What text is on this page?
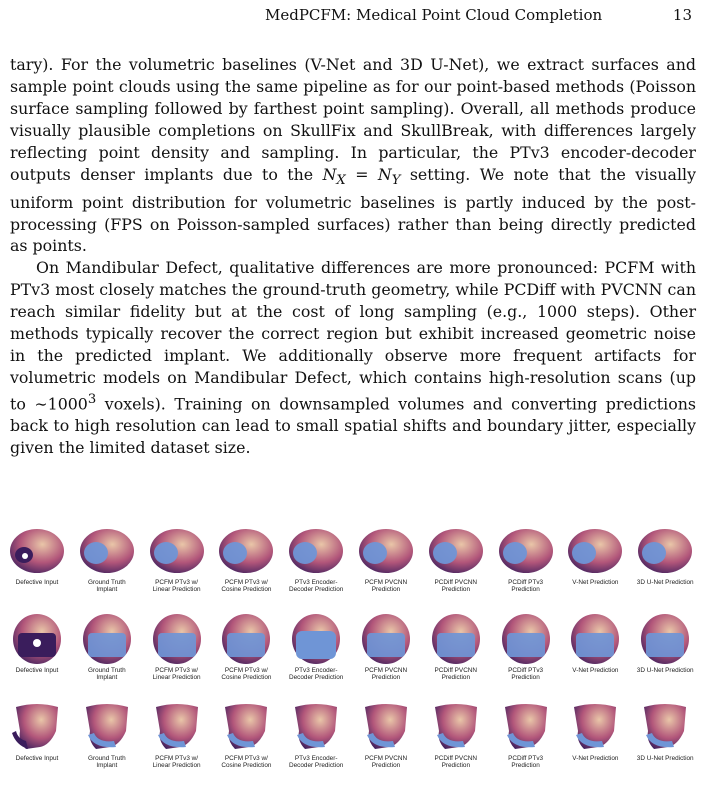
MedPCFM: Medical Point Cloud Completion	13

tary). For the volumetric baselines (V-Net and 3D U-Net), we extract surfaces and sample point clouds using the same pipeline as for our point-based methods (Poisson surface sampling followed by farthest point sampling). Overall, all methods produce visually plausible completions on SkullFix and SkullBreak, with differences largely reflecting point density and sampling. In particular, the PTv3 encoder-decoder outputs denser implants due to the $N_X = N_Y$ setting. We note that the visually uniform point distribution for volumetric baselines is partly induced by the post-processing (FPS on Poisson-sampled surfaces) rather than being directly predicted as points.

On Mandibular Defect, qualitative differences are more pronounced: PCFM with PTv3 most closely matches the ground-truth geometry, while PCDiff with PVCNN can reach similar fidelity but at the cost of long sampling (e.g., 1000 steps). Other methods typically recover the correct region but exhibit increased geometric noise in the predicted implant. We additionally observe more frequent artifacts for volumetric models on Mandibular Defect, which contains high-resolution scans (up to ∼1000$^3$ voxels). Training on downsampled volumes and converting predictions back to high resolution can lead to small spatial shifts and boundary jitter, especially given the limited dataset size.

Defective Input	Ground Truth
Implant
PCFM PTv3 w/
Linear Prediction
PCFM PTv3 w/
Cosine Prediction
PTv3 Encoder-
Decoder Prediction
PCFM PVCNN
Prediction
PCDiff PVCNN
Prediction
PCDiff PTv3
Prediction
V-Net Prediction	3D U-Net Prediction
Defective Input	Ground Truth
Implant
PCFM PTv3 w/
Linear Prediction
PCFM PTv3 w/
Cosine Prediction
PTv3 Encoder-
Decoder Prediction
PCFM PVCNN
Prediction
PCDiff PVCNN
Prediction
PCDiff PTv3
Prediction
V-Net Prediction	3D U-Net Prediction
Defective Input	Ground Truth
Implant
PCFM PTv3 w/
Linear Prediction
PCFM PTv3 w/
Cosine Prediction
PTv3 Encoder-
Decoder Prediction
PCFM PVCNN
Prediction
PCDiff PVCNN
Prediction
PCDiff PTv3
Prediction
V-Net Prediction	3D U-Net Prediction
